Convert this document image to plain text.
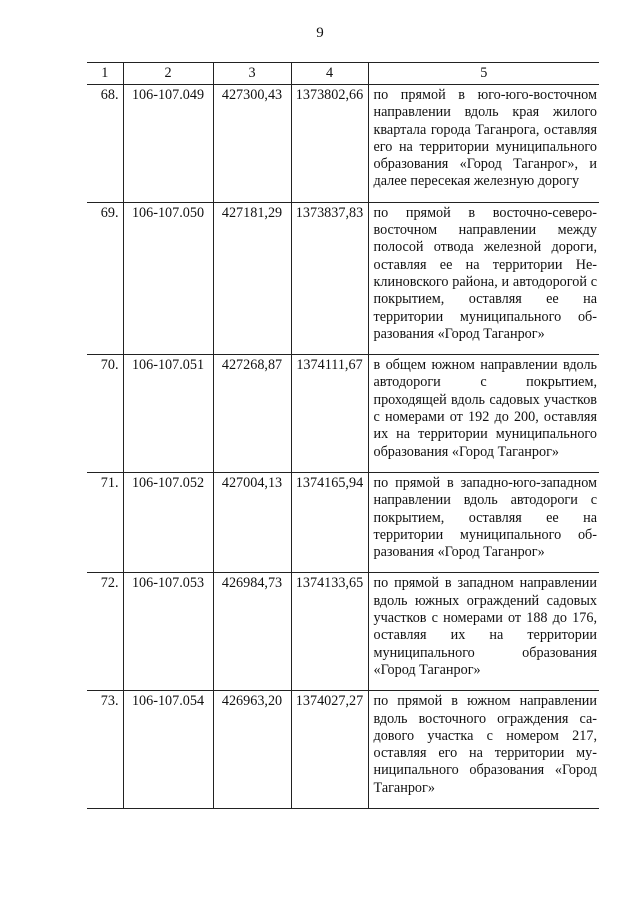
9
1	2	3	4	5
68.	106-107.049	427300,43	1373802,66	по прямой в юго-юго-восточном направлении вдоль края жилого квартала города Таганрога, оставляя его на территории муниципального образования «Город Таганрог», и далее пересекая железную дорогу
69.	106-107.050	427181,29	1373837,83	по прямой в восточно-северо-восточном направлении между полосой отвода железной дороги, оставляя ее на территории Неклиновского района, и автодорогой с покрытием, оставляя ее на территории муниципального образования «Город Таганрог»
70.	106-107.051	427268,87	1374111,67	в общем южном направлении вдоль автодороги с покрытием, проходящей вдоль садовых участков с номерами от 192 до 200, оставляя их на территории муниципального образования «Город Таганрог»
71.	106-107.052	427004,13	1374165,94	по прямой в западно-юго-западном направлении вдоль автодороги с покрытием, оставляя ее на территории муниципального образования «Город Таганрог»
72.	106-107.053	426984,73	1374133,65	по прямой в западном направлении вдоль южных ограждений садовых участков с номерами от 188 до 176, оставляя их на территории муниципального образования «Город Таганрог»
73.	106-107.054	426963,20	1374027,27	по прямой в южном направлении вдоль восточного ограждения садового участка с номером 217, оставляя его на территории муниципального образования «Город Таганрог»
